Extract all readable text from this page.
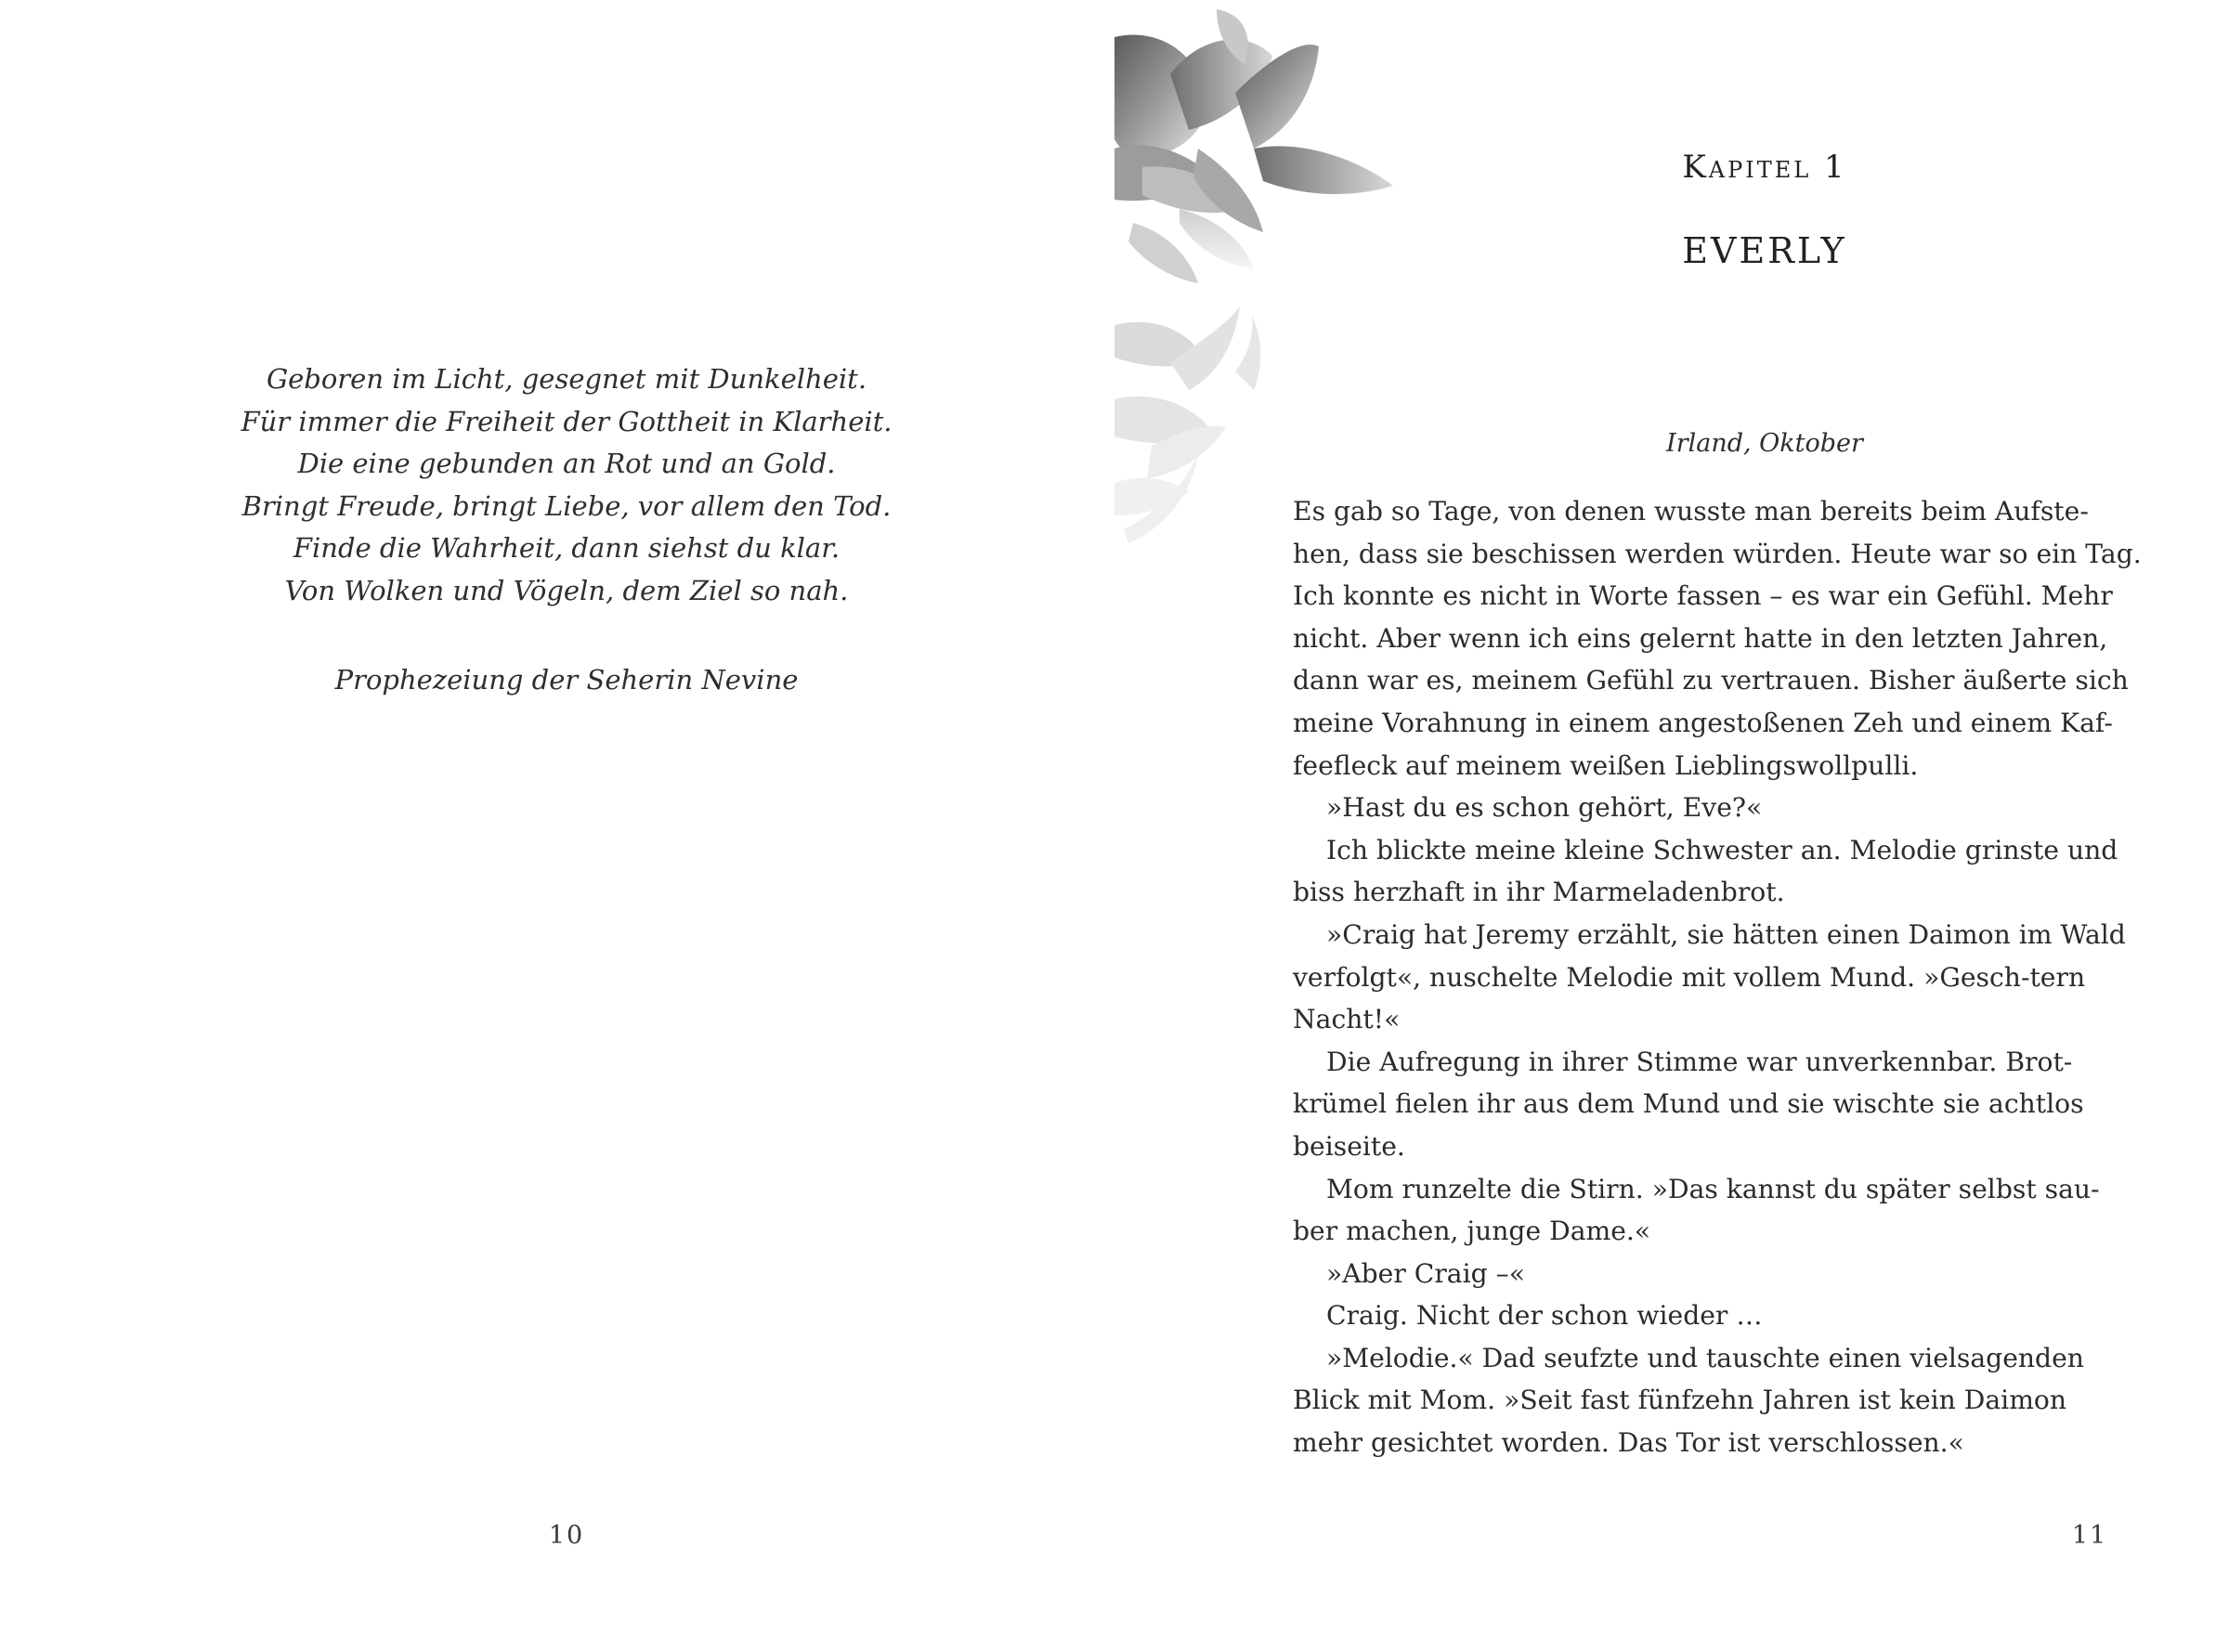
Geboren im Licht, gesegnet mit Dunkelheit.
Für immer die Freiheit der Gottheit in Klarheit.
Die eine gebunden an Rot und an Gold.
Bringt Freude, bringt Liebe, vor allem den Tod.
Finde die Wahrheit, dann siehst du klar.
Von Wolken und Vögeln, dem Ziel so nah.
Prophezeiung der Seherin Nevine
10
Kapitel 1
EVERLY
Irland, Oktober
Es gab so Tage, von denen wusste man bereits beim Aufste-
hen, dass sie beschissen werden würden. Heute war so ein Tag.
Ich konnte es nicht in Worte fassen – es war ein Gefühl. Mehr
nicht. Aber wenn ich eins gelernt hatte in den letzten Jahren,
dann war es, meinem Gefühl zu vertrauen. Bisher äußerte sich
meine Vorahnung in einem angestoßenen Zeh und einem Kaf-
feefleck auf meinem weißen Lieblingswollpulli.
»Hast du es schon gehört, Eve?«
Ich blickte meine kleine Schwester an. Melodie grinste und
biss herzhaft in ihr Marmeladenbrot.
»Craig hat Jeremy erzählt, sie hätten einen Daimon im Wald
verfolgt«, nuschelte Melodie mit vollem Mund. »Gesch-tern
Nacht!«
Die Aufregung in ihrer Stimme war unverkennbar. Brot-
krümel fielen ihr aus dem Mund und sie wischte sie achtlos
beiseite.
Mom runzelte die Stirn. »Das kannst du später selbst sau-
ber machen, junge Dame.«
»Aber Craig –«
Craig. Nicht der schon wieder …
»Melodie.« Dad seufzte und tauschte einen vielsagenden
Blick mit Mom. »Seit fast fünfzehn Jahren ist kein Daimon
mehr gesichtet worden. Das Tor ist verschlossen.«
11
